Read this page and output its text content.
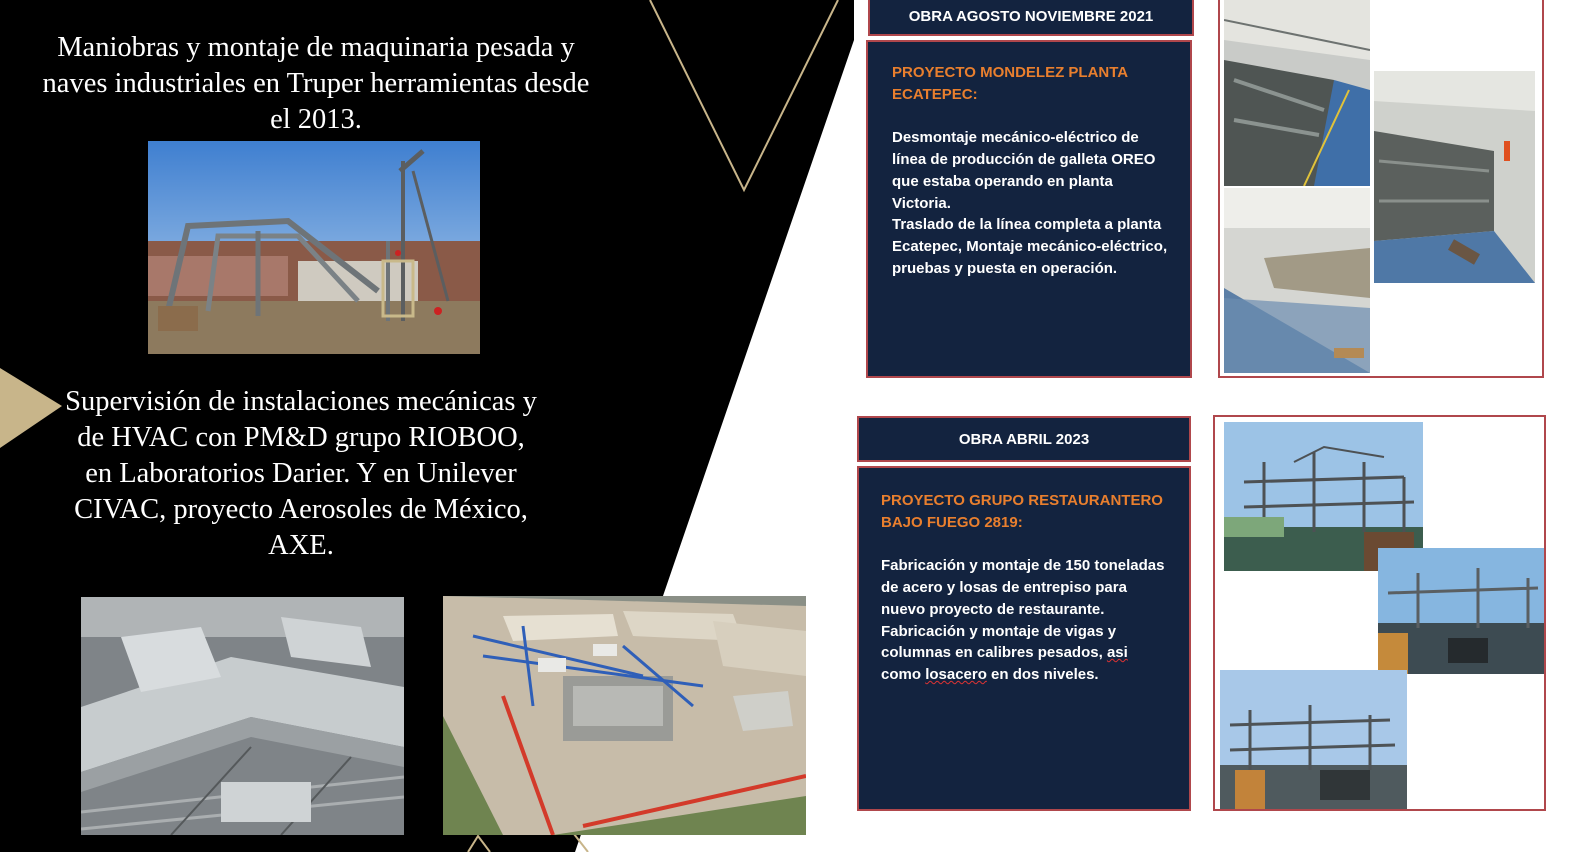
Maniobras y montaje de maquinaria pesada y naves industriales en Truper herramientas desde el 2013.

Supervisión de instalaciones mecánicas y de HVAC con PM&D grupo RIOBOO, en Laboratorios Darier. Y en Unilever CIVAC, proyecto Aerosoles de México, AXE.

OBRA AGOSTO NOVIEMBRE 2021
PROYECTO MONDELEZ PLANTA ECATEPEC:

Desmontaje mecánico-eléctrico de línea de producción de galleta OREO que estaba operando en planta Victoria.

Traslado de la línea completa a planta Ecatepec, Montaje mecánico-eléctrico, pruebas y puesta en operación.

OBRA ABRIL 2023
PROYECTO GRUPO RESTAURANTERO BAJO FUEGO 2819:

Fabricación y montaje de 150 toneladas de acero y losas de entrepiso para nuevo proyecto de restaurante.

Fabricación y montaje de vigas y columnas en calibres pesados, asi como losacero en dos niveles.
